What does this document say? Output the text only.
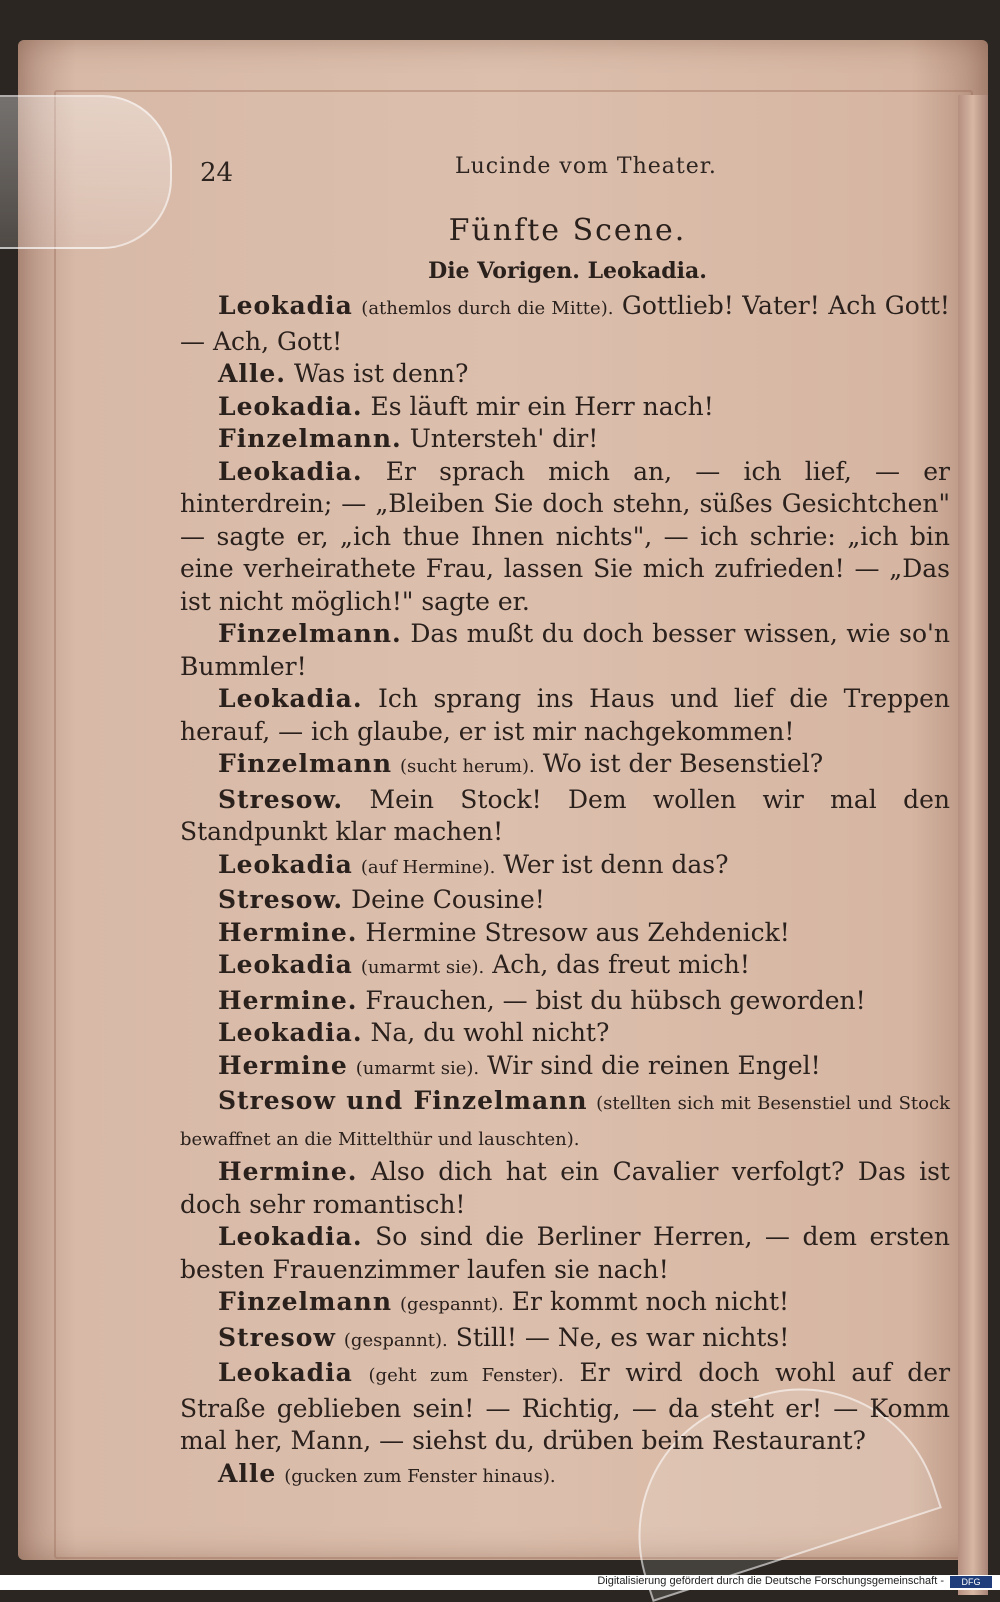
24	Lucinde vom Theater.
Fünfte Scene.
Die Vorigen. Leokadia.

Leokadia (athemlos durch die Mitte). Gottlieb! Vater! Ach Gott! — Ach, Gott!

Alle. Was ist denn?

Leokadia. Es läuft mir ein Herr nach!

Finzelmann. Untersteh' dir!

Leokadia. Er sprach mich an, — ich lief, — er hinterdrein; — „Bleiben Sie doch stehn, süßes Gesichtchen" — sagte er, „ich thue Ihnen nichts", — ich schrie: „ich bin eine verheirathete Frau, lassen Sie mich zufrieden! — „Das ist nicht möglich!" sagte er.

Finzelmann. Das mußt du doch besser wissen, wie so'n Bummler!

Leokadia. Ich sprang ins Haus und lief die Treppen herauf, — ich glaube, er ist mir nachgekommen!

Finzelmann (sucht herum). Wo ist der Besenstiel?

Stresow. Mein Stock! Dem wollen wir mal den Standpunkt klar machen!

Leokadia (auf Hermine). Wer ist denn das?

Stresow. Deine Cousine!

Hermine. Hermine Stresow aus Zehdenick!

Leokadia (umarmt sie). Ach, das freut mich!

Hermine. Frauchen, — bist du hübsch geworden!

Leokadia. Na, du wohl nicht?

Hermine (umarmt sie). Wir sind die reinen Engel!

Stresow und Finzelmann (stellten sich mit Besenstiel und Stock bewaffnet an die Mittelthür und lauschten).

Hermine. Also dich hat ein Cavalier verfolgt? Das ist doch sehr romantisch!

Leokadia. So sind die Berliner Herren, — dem ersten besten Frauenzimmer laufen sie nach!

Finzelmann (gespannt). Er kommt noch nicht!

Stresow (gespannt). Still! — Ne, es war nichts!

Leokadia (geht zum Fenster). Er wird doch wohl auf der Straße geblieben sein! — Richtig, — da steht er! — Komm mal her, Mann, — siehst du, drüben beim Restaurant?

Alle (gucken zum Fenster hinaus).

Digitalisierung gefördert durch die Deutsche Forschungsgemeinschaft -	DFG
